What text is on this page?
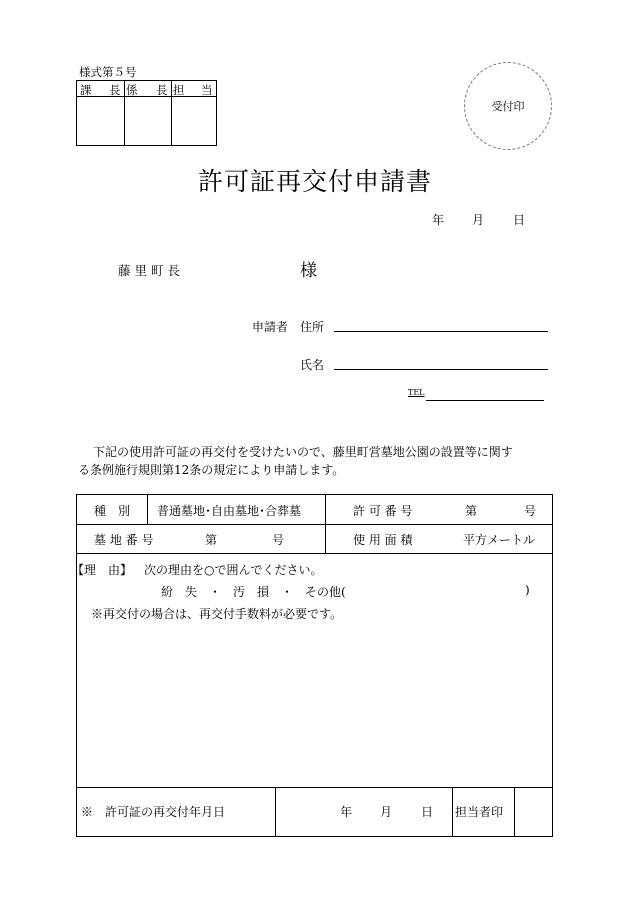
様式第５号
課 長 係 長 担 当
受付印
許可証再交付申請書
年 月 日
藤 里 町 長	様
申請者 住所
氏名
TEL
下記の使用許可証の再交付を受けたいので、藤里町営墓地公園の設置等に関す
る条例施行規則第12条の規定により申請します。
種　別 普通墓地･自由墓地･合葬墓	許 可 番 号	第	号
墓 地 番 号	第	号	使 用 面 積	平方メートル
【理　由】 次の理由を○で囲んでください。
紛　失　・　汚　損　・　その他(	)
※再交付の場合は、再交付手数料が必要です。
※　許可証の再交付年月日	年 月 日 担当者印
